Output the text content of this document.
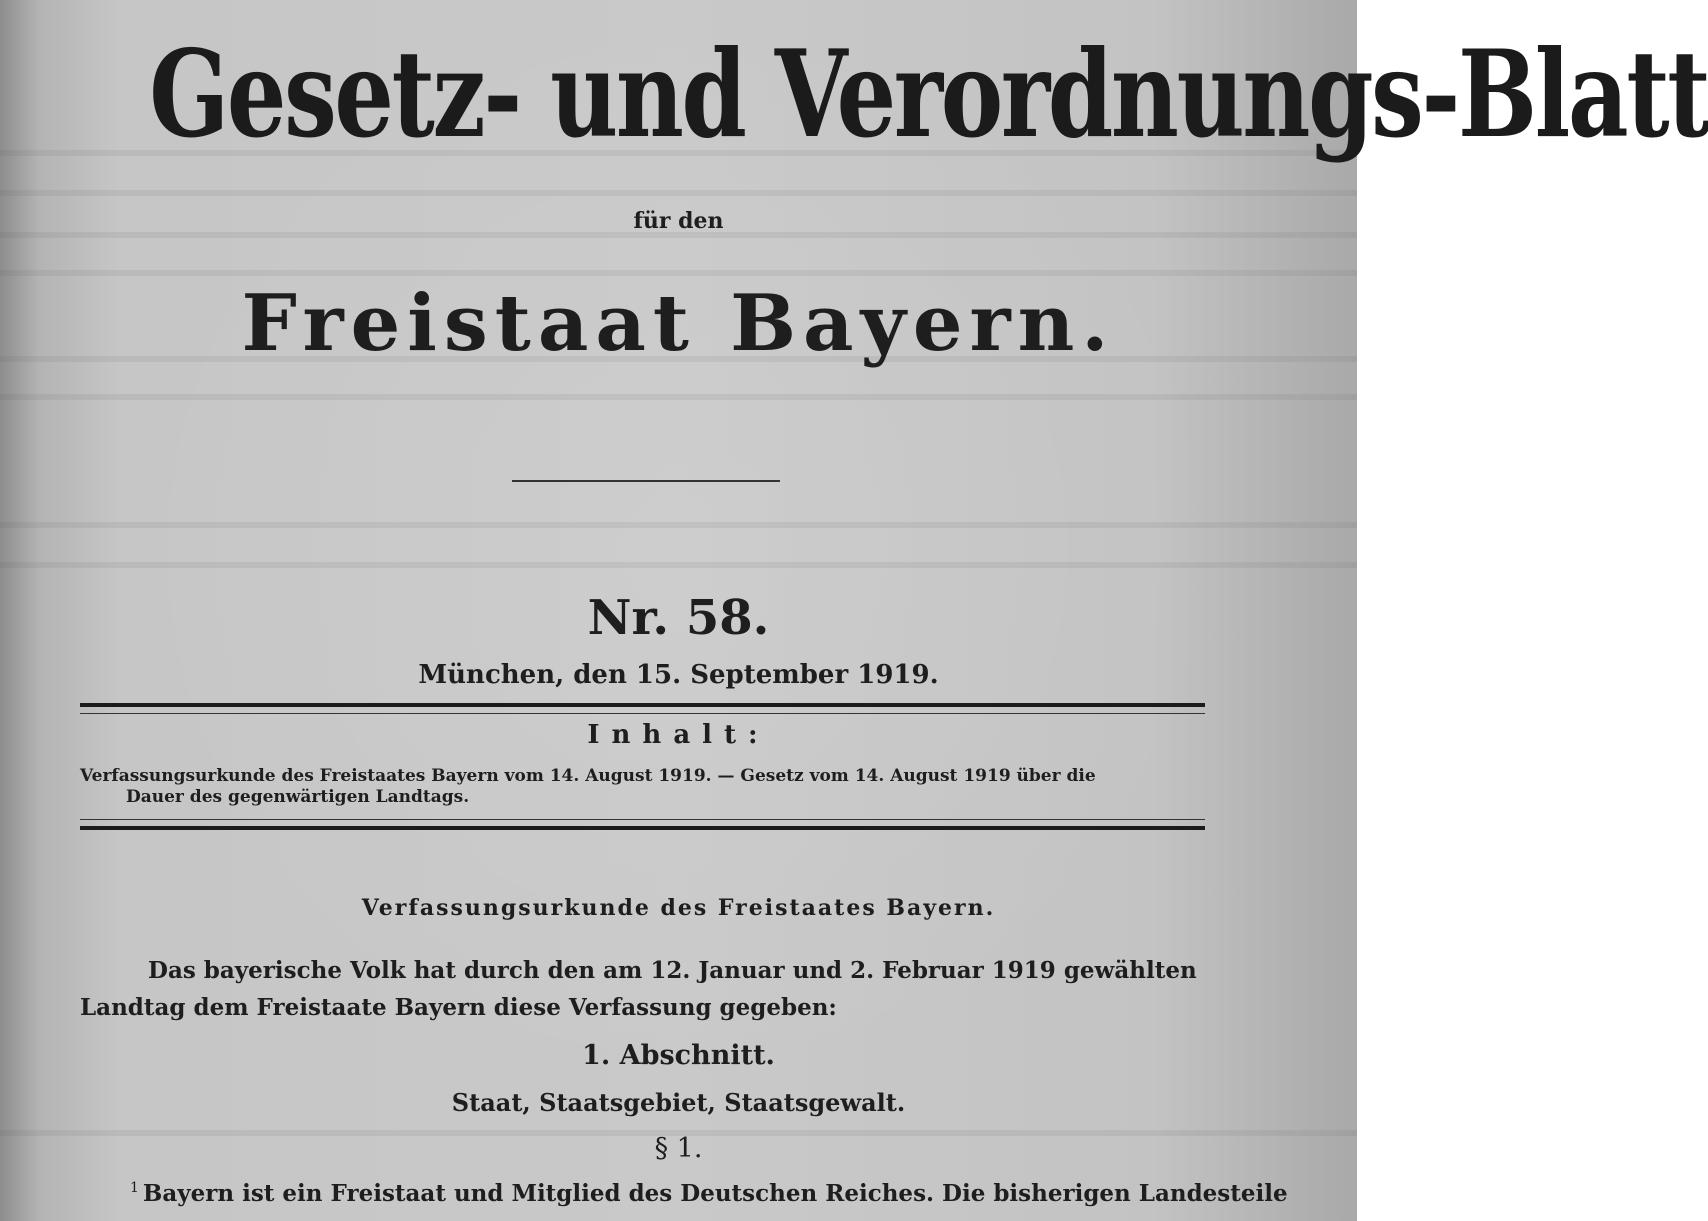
Gesetz- und Verordnungs-Blatt
für den
Freistaat Bayern.
Nr. 58.
München, den 15. September 1919.
Inhalt:
Verfassungsurkunde des Freistaates Bayern vom 14. August 1919. — Gesetz vom 14. August 1919 über die
Dauer des gegenwärtigen Landtags.
Verfassungsurkunde des Freistaates Bayern.
Das bayerische Volk hat durch den am 12. Januar und 2. Februar 1919 gewählten
Landtag dem Freistaate Bayern diese Verfassung gegeben:
1. Abschnitt.
Staat, Staatsgebiet, Staatsgewalt.
§ 1.
$^1$ Bayern ist ein Freistaat und Mitglied des Deutschen Reiches. Die bisherigen Landesteile
